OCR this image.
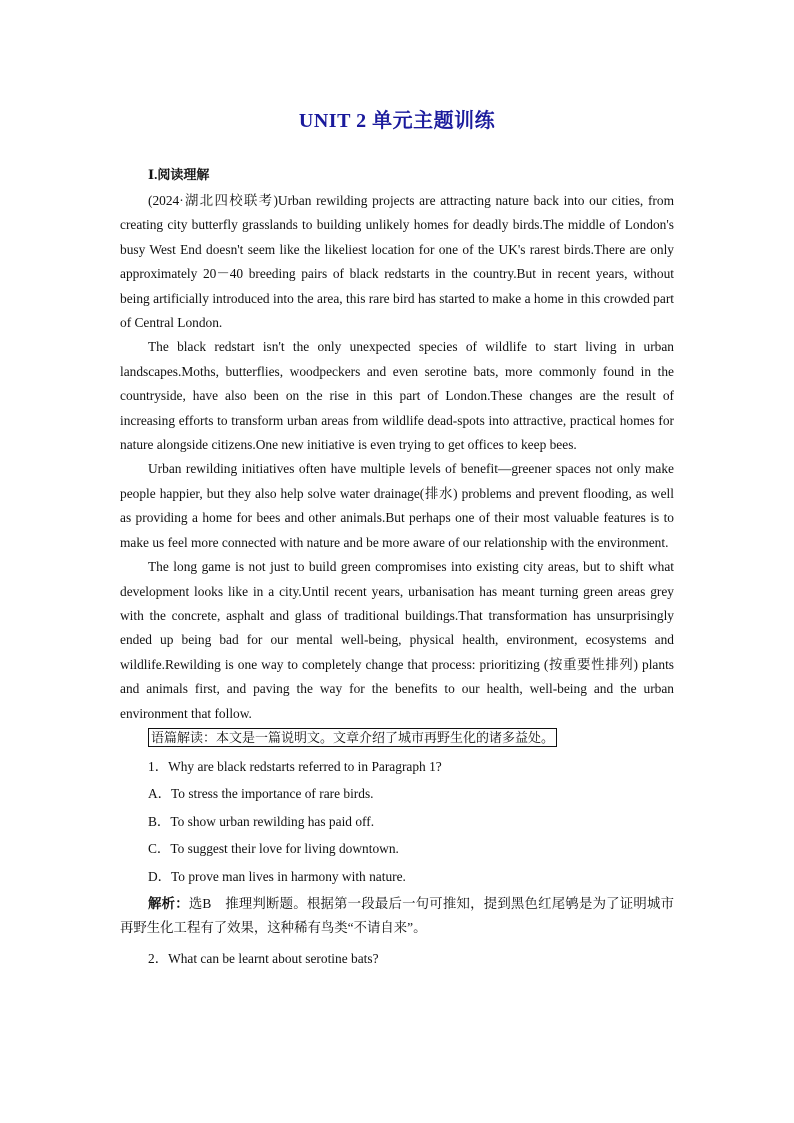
UNIT 2 单元主题训练
Ⅰ.阅读理解

(2024·湖北四校联考)Urban rewilding projects are attracting nature back into our cities, from creating city butterfly grasslands to building unlikely homes for deadly birds.The middle of London's busy West End doesn't seem like the likeliest location for one of the UK's rarest birds.There are only approximately 20－40 breeding pairs of black redstarts in the country.But in recent years, without being artificially introduced into the area, this rare bird has started to make a home in this crowded part of Central London.

The black redstart isn't the only unexpected species of wildlife to start living in urban landscapes.Moths, butterflies, woodpeckers and even serotine bats, more commonly found in the countryside, have also been on the rise in this part of London.These changes are the result of increasing efforts to transform urban areas from wildlife dead-spots into attractive, practical homes for nature alongside citizens.One new initiative is even trying to get offices to keep bees.

Urban rewilding initiatives often have multiple levels of benefit—greener spaces not only make people happier, but they also help solve water drainage(排水) problems and prevent flooding, as well as providing a home for bees and other animals.But perhaps one of their most valuable features is to make us feel more connected with nature and be more aware of our relationship with the environment.

The long game is not just to build green compromises into existing city areas, but to shift what development looks like in a city.Until recent years, urbanisation has meant turning green areas grey with the concrete, asphalt and glass of traditional buildings.That transformation has unsurprisingly ended up being bad for our mental well-being, physical health, environment, ecosystems and wildlife.Rewilding is one way to completely change that process: prioritizing (按重要性排列) plants and animals first, and paving the way for the benefits to our health, well-being and the urban environment that follow.

语篇解读：本文是一篇说明文。文章介绍了城市再野生化的诸多益处。
1．Why are black redstarts referred to in Paragraph 1?
A．To stress the importance of rare birds.
B．To show urban rewilding has paid off.
C．To suggest their love for living downtown.
D．To prove man lives in harmony with nature.

解析：选B　推理判断题。根据第一段最后一句可推知，提到黑色红尾鸲是为了证明城市再野生化工程有了效果，这种稀有鸟类“不请自来”。

2．What can be learnt about serotine bats?
